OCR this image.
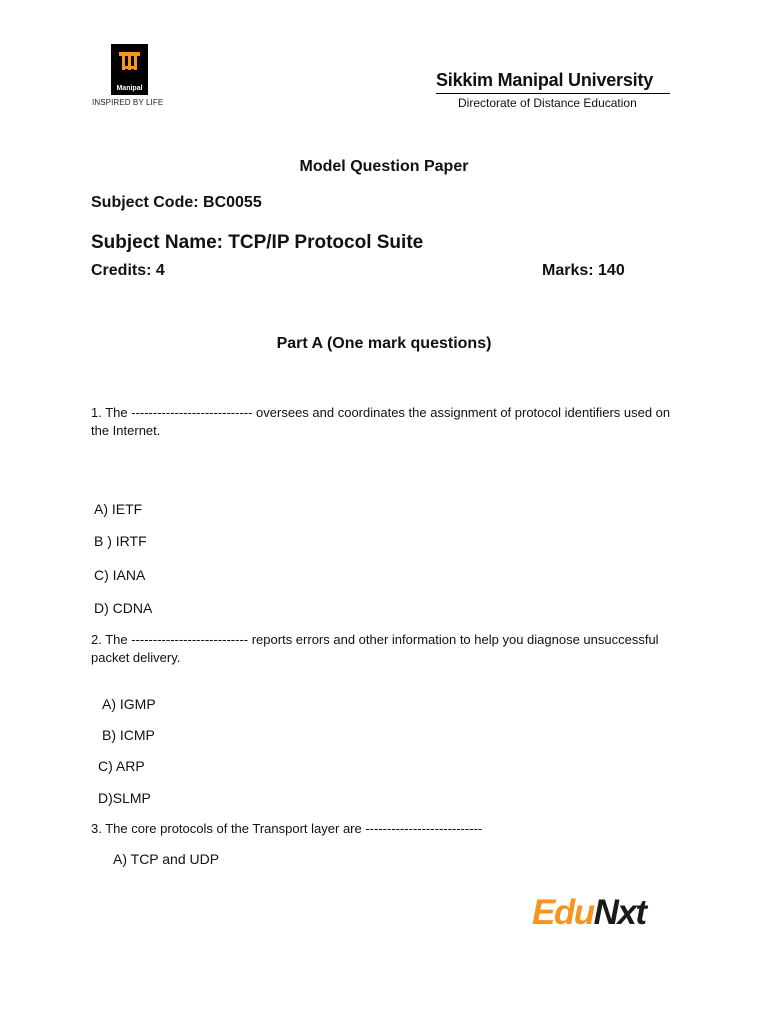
Manipal
INSPIRED BY LIFE
Sikkim Manipal University
Directorate of Distance Education
Model Question Paper
Subject Code: BC0055
Subject Name: TCP/IP Protocol Suite
Credits: 4	Marks: 140
Part A (One mark questions)
1. The ---------------------------- oversees and coordinates the assignment of protocol identifiers used on the Internet.
A) IETF
B ) IRTF
C) IANA
D) CDNA
2. The --------------------------- reports errors and other information to help you diagnose unsuccessful packet delivery.
A) IGMP
B) ICMP
C) ARP
D)SLMP
3. The core protocols of the Transport layer are ---------------------------
A) TCP and UDP
EduNxt
